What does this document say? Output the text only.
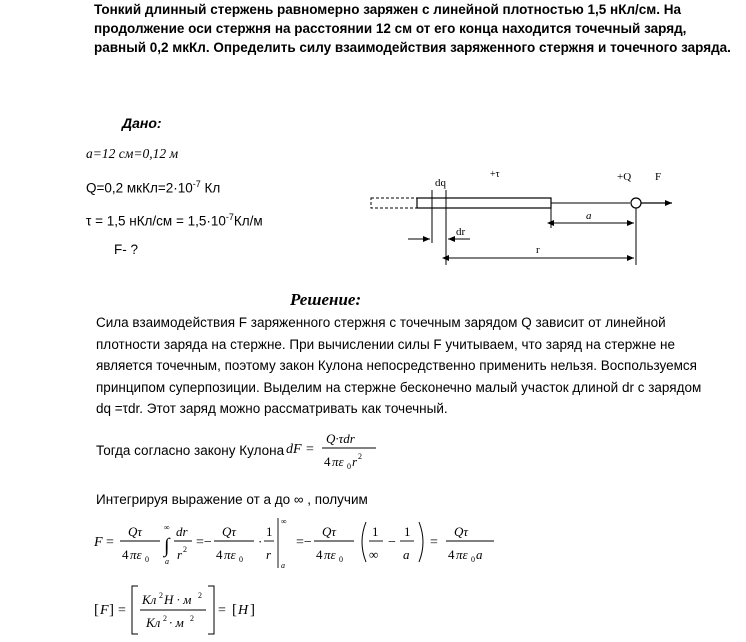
Тонкий длинный стержень равномерно заряжен с линейной плотностью 1,5 нКл/см. На продолжение оси стержня на расстоянии 12 см от его конца находится точечный заряд, равный 0,2 мкКл. Определить силу взаимодействия заряженного стержня и точечного заряда.
Дано:
a=12 см=0,12 м
Q=0,2 $мкКл=2\cdot 10^{-7}$ Кл
τ = 1,5 $нКл/см = 1,5\cdot 10^{-7}Кл/м$
F- ?
dq
+τ	+Q F
a
dr
r
Решение:
Сила взаимодействия F заряженного стержня с точечным зарядом Q зависит от линейной плотности заряда на стержне. При вычислении силы F учитываем, что заряд на стержне не является точечным, поэтому закон Кулона непосредственно применить нельзя. Воспользуемся принципом суперпозиции. Выделим на стержне бесконечно малый участок длиной dr с зарядом
dq =τdr. Этот заряд можно рассматривать как точечный.
Тогда согласно закону Кулона dF =
Q·τdr
4 πε 0 r 2
Интегрируя выражение от a до ∞ , получим
F =
Qτ
4 πε 0
∞
∫
a
dr
r 2 =−
Qτ
4 πε 0
·
1
r
∞
a
=−
Qτ
4 πε 0
1
∞
−
1
a
=
Qτ
4 πε 0 a
[ F ] =
Кл 2 Н · м 2
Кл 2 · м 2
= [ Н ]
